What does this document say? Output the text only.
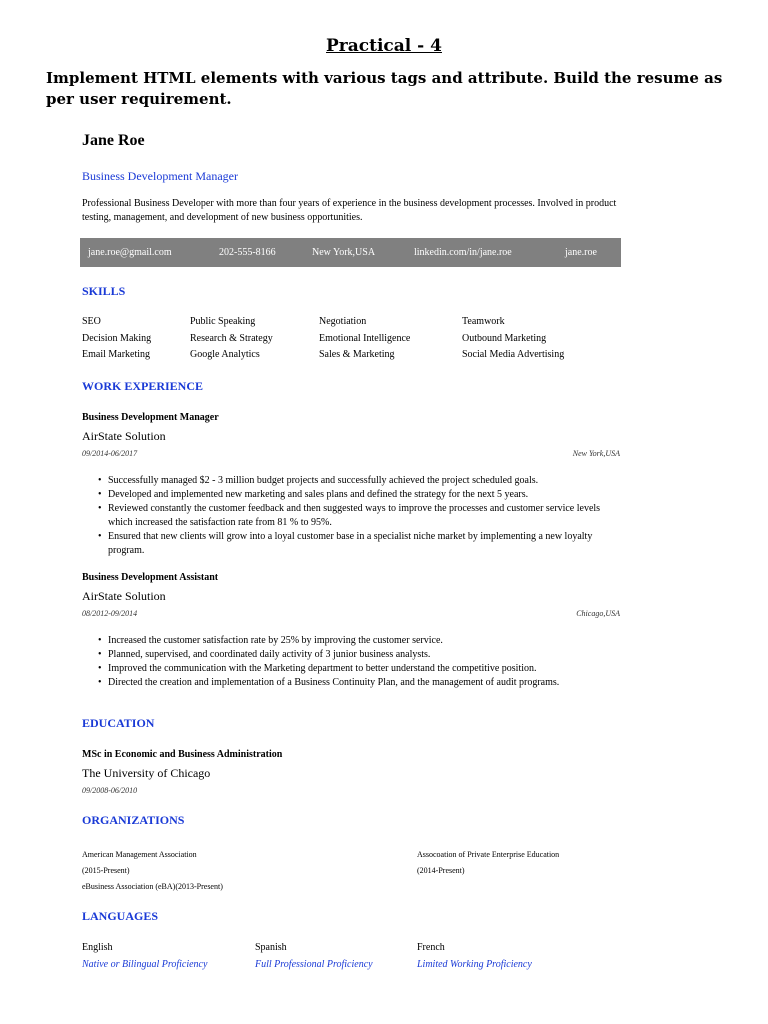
Practical - 4
Implement HTML elements with various tags and attribute. Build the resume as per user requirement.
Jane Roe
Business Development Manager
Professional Business Developer with more than four years of experience in the business development processes. Involved in product testing, management, and development of new business opportunities.
jane.roe@gmail.com	202-555-8166	New York,USA	linkedin.com/in/jane.roe	jane.roe
SKILLS
SEO	Public Speaking	Negotiation	Teamwork
Decision Making	Research & Strategy	Emotional Intelligence	Outbound Marketing
Email Marketing	Google Analytics	Sales & Marketing	Social Media Advertising
WORK EXPERIENCE
Business Development Manager
AirState Solution
09/2014-06/2017	New York,USA
• Successfully managed $2 - 3 million budget projects and successfully achieved the project scheduled goals.
• Developed and implemented new marketing and sales plans and defined the strategy for the next 5 years.
• Reviewed constantly the customer feedback and then suggested ways to improve the processes and customer service levels which increased the satisfaction rate from 81 % to 95%.
• Ensured that new clients will grow into a loyal customer base in a specialist niche market by implementing a new loyalty program.
Business Development Assistant
AirState Solution
08/2012-09/2014	Chicago,USA
• Increased the customer satisfaction rate by 25% by improving the customer service.
• Planned, supervised, and coordinated daily activity of 3 junior business analysts.
• Improved the communication with the Marketing department to better understand the competitive position.
• Directed the creation and implementation of a Business Continuity Plan, and the management of audit programs.
EDUCATION
MSc in Economic and Business Administration
The University of Chicago
09/2008-06/2010
ORGANIZATIONS
American Management Association
(2015-Present)
eBusiness Association (eBA)(2013-Present)
Assocoation of Private Enterprise Education
(2014-Present)
LANGUAGES
English
Native or Bilingual Proficiency
Spanish
Full Professional Proficiency
French
Limited Working Proficiency
